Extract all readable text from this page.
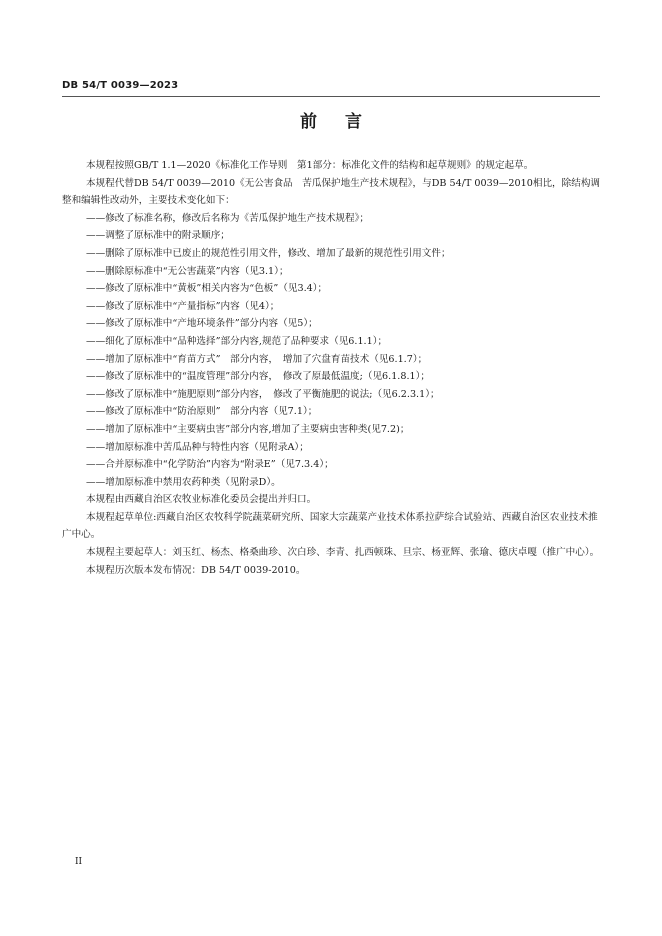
DB 54/T 0039—2023
前言

本规程按照GB/T 1.1—2020《标准化工作导则　第1部分：标准化文件的结构和起草规则》的规定起草。

本规程代替DB 54/T 0039—2010《无公害食品　苦瓜保护地生产技术规程》，与DB 54/T 0039—2010相比，除结构调整和编辑性改动外，主要技术变化如下：

——修改了标准名称，修改后名称为《苦瓜保护地生产技术规程》；
——调整了原标准中的附录顺序；
——删除了原标准中已废止的规范性引用文件，修改、增加了最新的规范性引用文件；
——删除原标准中“无公害蔬菜”内容（见3.1）；
——修改了原标准中“黄板”相关内容为“色板”（见3.4）；
——修改了原标准中“产量指标”内容（见4）；
——修改了原标准中“产地环境条件”部分内容（见5）；
——细化了原标准中“品种选择”部分内容,规范了品种要求（见6.1.1）；
——增加了原标准中“育苗方式”　部分内容，　增加了穴盘育苗技术（见6.1.7）；
——修改了原标准中的“温度管理”部分内容，　修改了原最低温度;（见6.1.8.1）；
——修改了原标准中“施肥原则”部分内容，　修改了平衡施肥的说法;（见6.2.3.1）；
——修改了原标准中“防治原则”　部分内容（见7.1）；
——增加了原标准中“主要病虫害”部分内容,增加了主要病虫害种类(见7.2)；
——增加原标准中苦瓜品种与特性内容（见附录A）；
——合并原标准中“化学防治”内容为“附录E”（见7.3.4）；
——增加原标准中禁用农药种类（见附录D）。

本规程由西藏自治区农牧业标准化委员会提出并归口。

本规程起草单位:西藏自治区农牧科学院蔬菜研究所、国家大宗蔬菜产业技术体系拉萨综合试验站、西藏自治区农业技术推广中心。

本规程主要起草人：刘玉红、杨杰、格桑曲珍、次白珍、李青、扎西顿珠、旦宗、杨亚辉、张瑜、德庆卓嘎（推广中心）。

本规程历次版本发布情况：DB 54/T 0039-2010。

II
